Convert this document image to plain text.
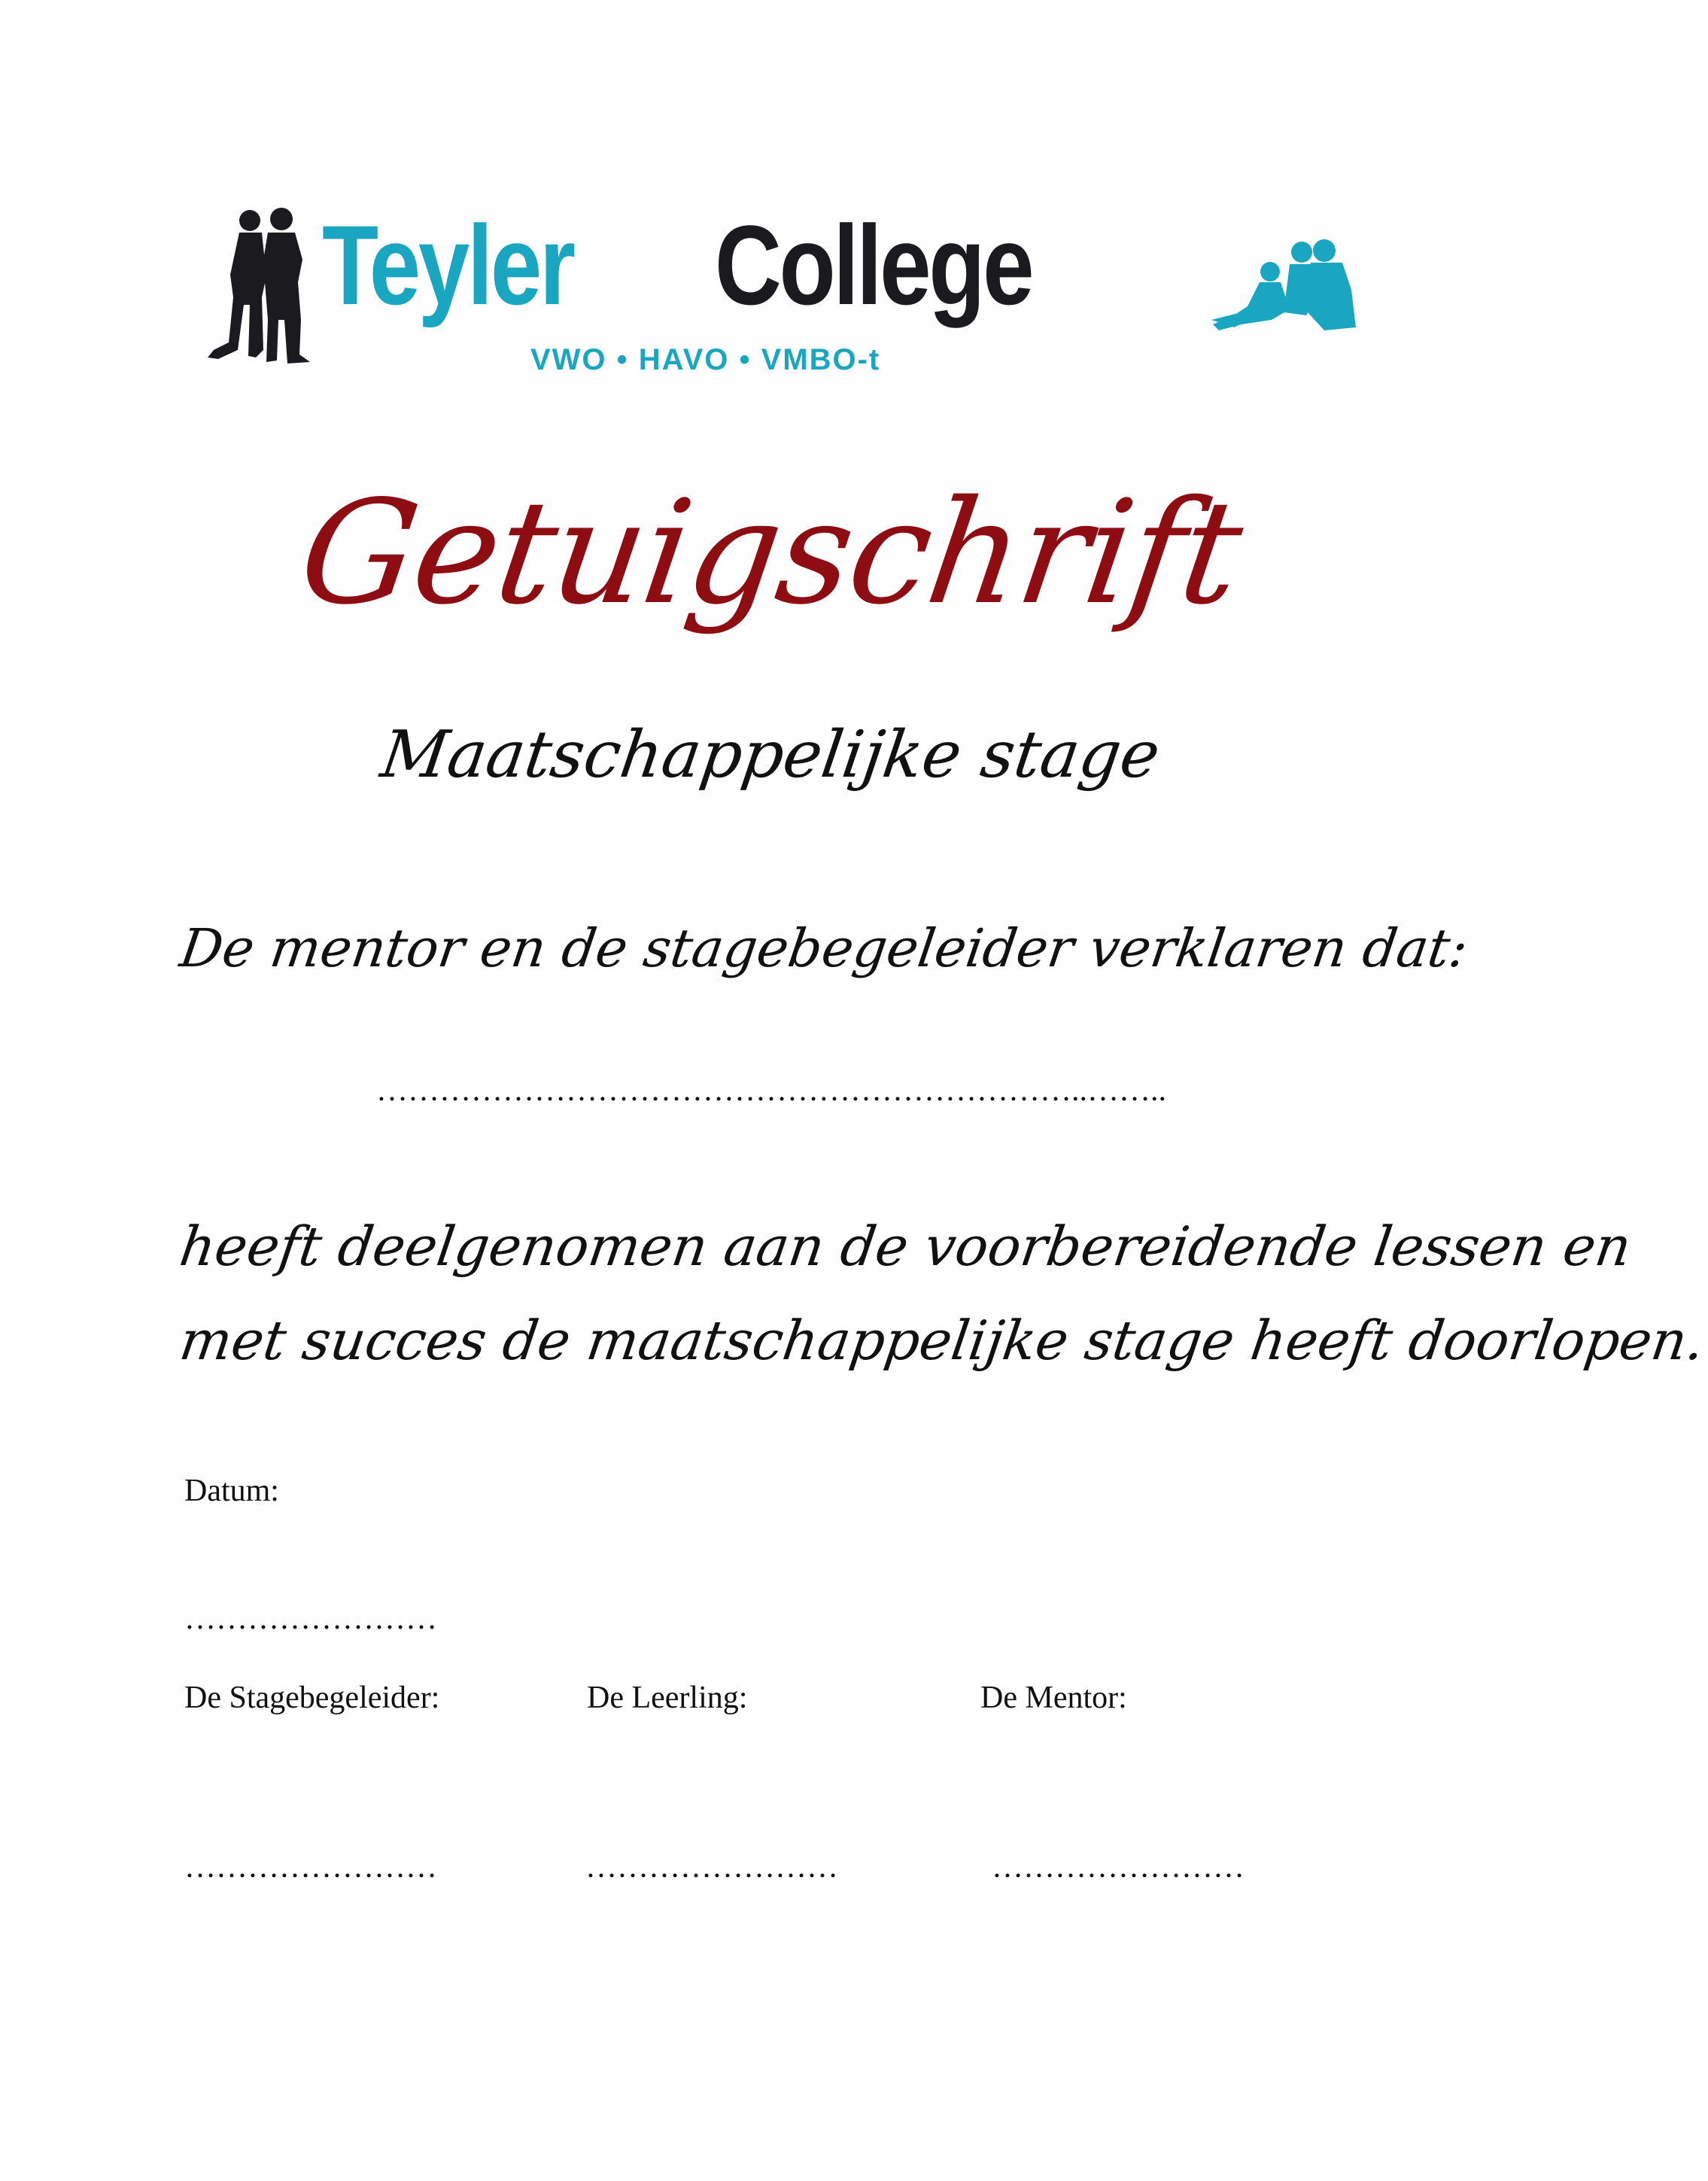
Teyler College
VWO • HAVO • VMBO-t
Getuigschrift
Maatschappelijke stage
De mentor en de stagebegeleider verklaren dat:
…………………………………………………………..……..
heeft deelgenomen aan de voorbereidende lessen en
met succes de maatschappelijke stage heeft doorlopen.
Datum:
……………………
De Stagebegeleider:	De Leerling:	De Mentor:
……………………	……………………	……………………
